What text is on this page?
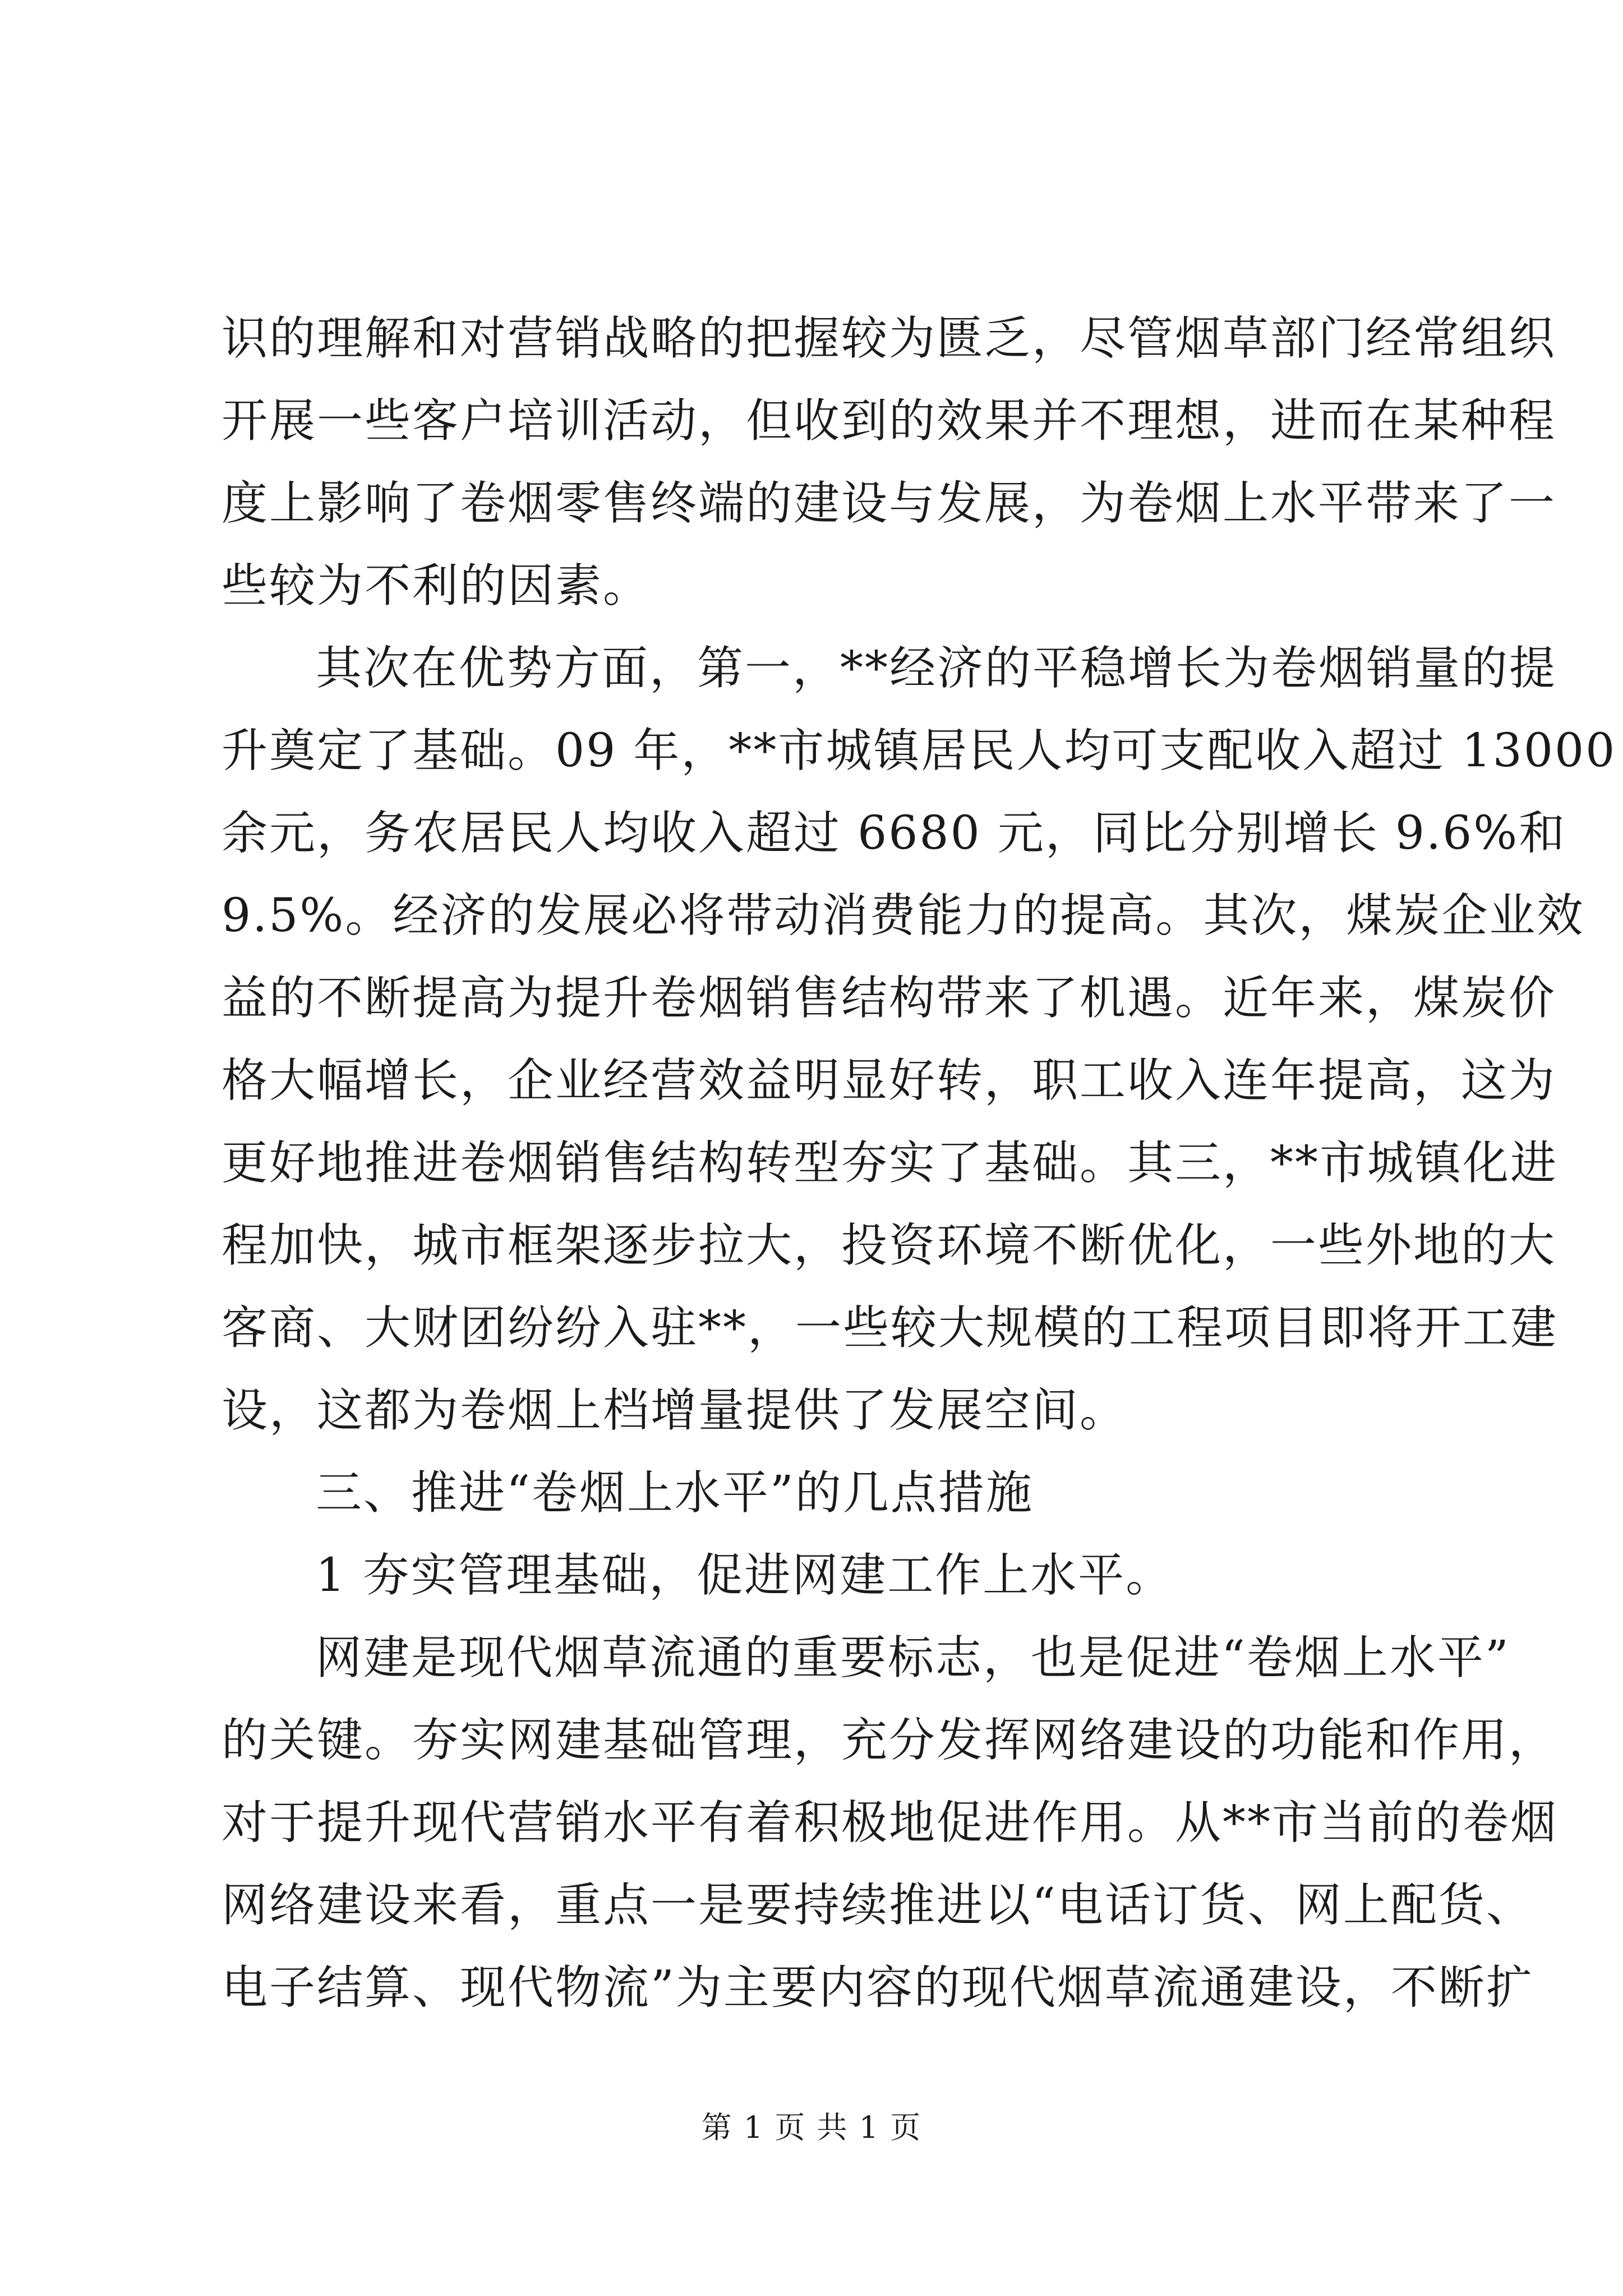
识的理解和对营销战略的把握较为匮乏，尽管烟草部门经常组织
开展一些客户培训活动，但收到的效果并不理想，进而在某种程
度上影响了卷烟零售终端的建设与发展，为卷烟上水平带来了一
些较为不利的因素。
其次在优势方面，第一，**经济的平稳增长为卷烟销量的提
升奠定了基础。09 年，**市城镇居民人均可支配收入超过 13000
余元，务农居民人均收入超过 6680 元，同比分别增长 9.6%和
9.5%。经济的发展必将带动消费能力的提高。其次，煤炭企业效
益的不断提高为提升卷烟销售结构带来了机遇。近年来，煤炭价
格大幅增长，企业经营效益明显好转，职工收入连年提高，这为
更好地推进卷烟销售结构转型夯实了基础。其三，**市城镇化进
程加快，城市框架逐步拉大，投资环境不断优化，一些外地的大
客商、大财团纷纷入驻**，一些较大规模的工程项目即将开工建
设，这都为卷烟上档增量提供了发展空间。
三、推进“卷烟上水平”的几点措施
1 夯实管理基础，促进网建工作上水平。
网建是现代烟草流通的重要标志，也是促进“卷烟上水平”
的关键。夯实网建基础管理，充分发挥网络建设的功能和作用，
对于提升现代营销水平有着积极地促进作用。从**市当前的卷烟
网络建设来看，重点一是要持续推进以“电话订货、网上配货、
电子结算、现代物流”为主要内容的现代烟草流通建设，不断扩
第 1 页 共 1 页
